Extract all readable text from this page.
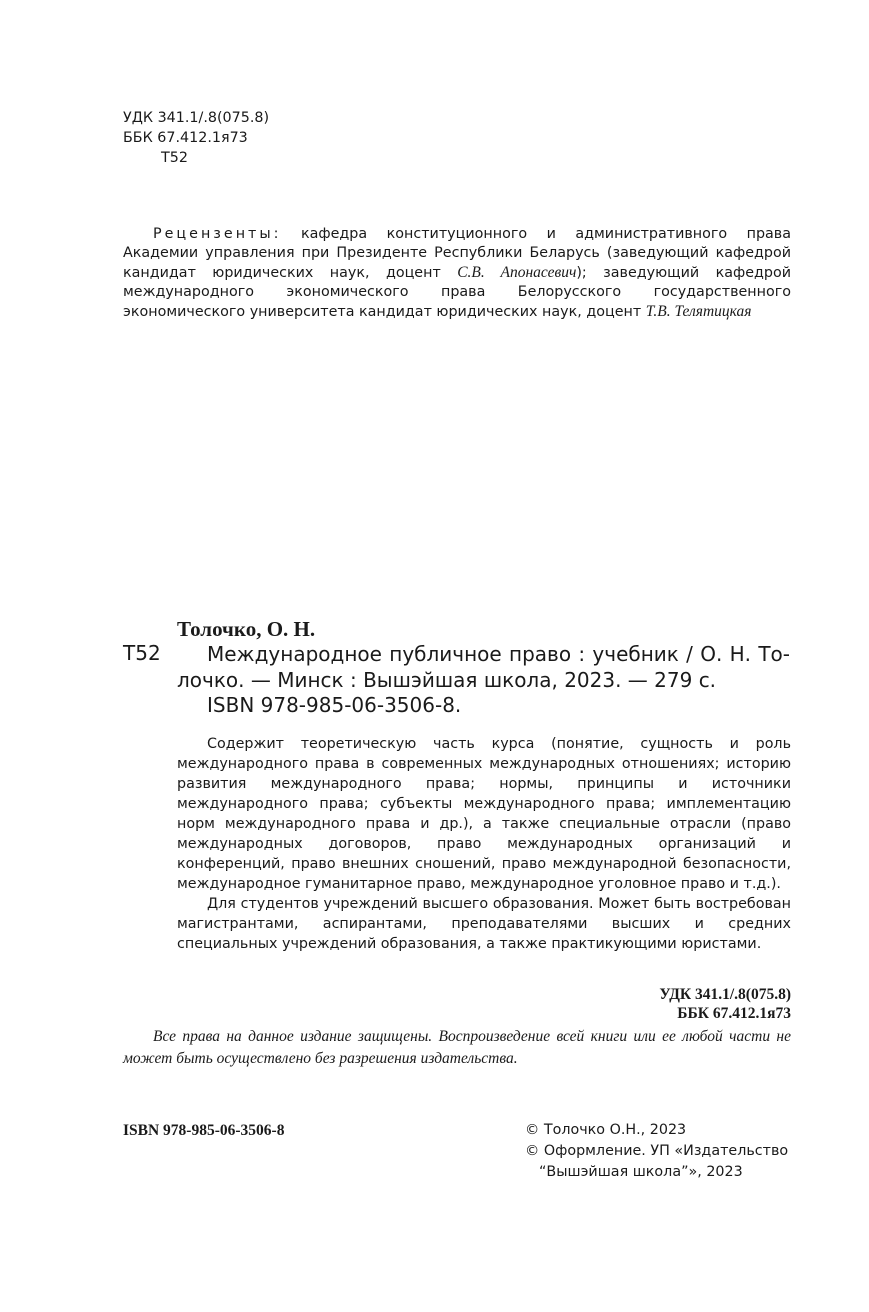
УДК 341.1/.8(075.8)
ББК 67.412.1я73
Т52
Рецензенты: кафедра конституционного и административного права Академии управления при Президенте Республики Беларусь (заведующий кафедрой кандидат юридических наук, доцент С.В. Апонасевич); заведующий кафедрой международного экономического права Белорусского государственного экономического университета кандидат юридических наук, доцент Т.В. Телятицкая
Толочко, О. Н.
Т52 Международное публичное право : учебник / О. Н. То-
лочко. — Минск : Вышэйшая школа, 2023. — 279 с.
ISBN 978-985-06-3506-8.

Содержит теоретическую часть курса (понятие, сущность и роль международного права в современных международных отношениях; историю развития международного права; нормы, принципы и источники международного права; субъекты международного права; имплементацию норм международного права и др.), а также специальные отрасли (право международных договоров, право международных организаций и конференций, право внешних сношений, право международной безопасности, международное гуманитарное право, международное уголовное право и т.д.).

Для студентов учреждений высшего образования. Может быть востребован магистрантами, аспирантами, преподавателями высших и средних специальных учреждений образования, а также практикующими юристами.

УДК 341.1/.8(075.8)
ББК 67.412.1я73
Все права на данное издание защищены. Воспроизведение всей книги или ее любой части не
может быть осуществлено без разрешения издательства.
ISBN 978-985-06-3506-8	© Толочко О.Н., 2023
© Оформление. УП «Издательство
“Вышэйшая школа”», 2023
